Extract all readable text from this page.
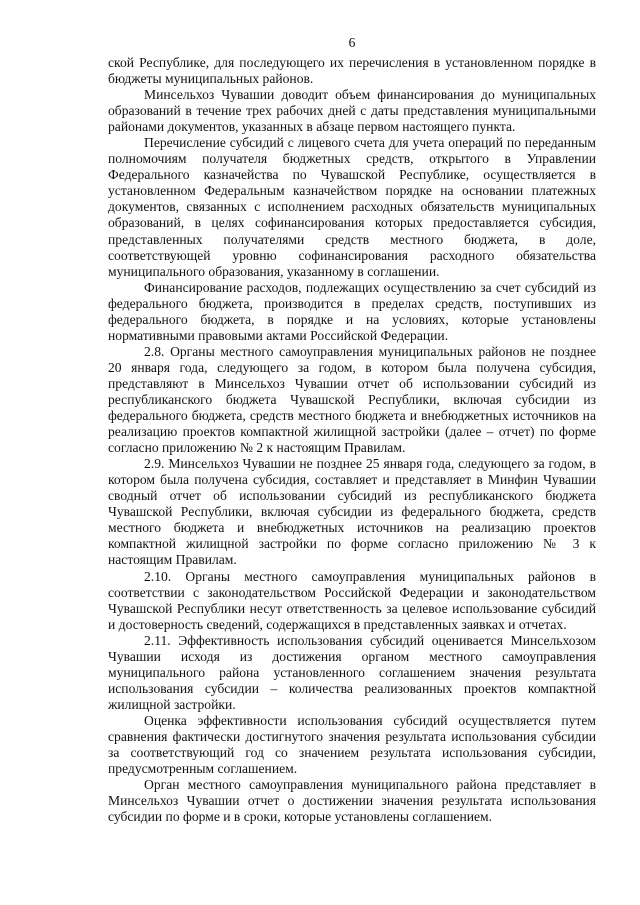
6

ской Республике, для последующего их перечисления в установленном порядке в бюджеты муниципальных районов.

Минсельхоз Чувашии доводит объем финансирования до муниципальных образований в течение трех рабочих дней с даты представления муниципальными районами документов, указанных в абзаце первом настоящего пункта.

Перечисление субсидий с лицевого счета для учета операций по переданным полномочиям получателя бюджетных средств, открытого в Управлении Федерального казначейства по Чувашской Республике, осуществляется в установленном Федеральным казначейством порядке на основании платежных документов, связанных с исполнением расходных обязательств муниципальных образований, в целях софинансирования которых предоставляется субсидия, представленных получателями средств местного бюджета, в доле, соответствующей уровню софинансирования расходного обязательства муниципального образования, указанному в соглашении.

Финансирование расходов, подлежащих осуществлению за счет субсидий из федерального бюджета, производится в пределах средств, поступивших из федерального бюджета, в порядке и на условиях, которые установлены нормативными правовыми актами Российской Федерации.

2.8. Органы местного самоуправления муниципальных районов не позднее 20 января года, следующего за годом, в котором была получена субсидия, представляют в Минсельхоз Чувашии отчет об использовании субсидий из республиканского бюджета Чувашской Республики, включая субсидии из федерального бюджета, средств местного бюджета и внебюджетных источников на реализацию проектов компактной жилищной застройки (далее – отчет) по форме согласно приложению № 2 к настоящим Правилам.

2.9. Минсельхоз Чувашии не позднее 25 января года, следующего за годом, в котором была получена субсидия, составляет и представляет в Минфин Чувашии сводный отчет об использовании субсидий из республиканского бюджета Чувашской Республики, включая субсидии из федерального бюджета, средств местного бюджета и внебюджетных источников на реализацию проектов компактной жилищной застройки по форме согласно приложению № 3 к настоящим Правилам.

2.10. Органы местного самоуправления муниципальных районов в соответствии с законодательством Российской Федерации и законодательством Чувашской Республики несут ответственность за целевое использование субсидий и достоверность сведений, содержащихся в представленных заявках и отчетах.

2.11. Эффективность использования субсидий оценивается Минсельхозом Чувашии исходя из достижения органом местного самоуправления муниципального района установленного соглашением значения результата использования субсидии – количества реализованных проектов компактной жилищной застройки.

Оценка эффективности использования субсидий осуществляется путем сравнения фактически достигнутого значения результата использования субсидии за соответствующий год со значением результата использования субсидии, предусмотренным соглашением.

Орган местного самоуправления муниципального района представляет в Минсельхоз Чувашии отчет о достижении значения результата использования субсидии по форме и в сроки, которые установлены соглашением.
